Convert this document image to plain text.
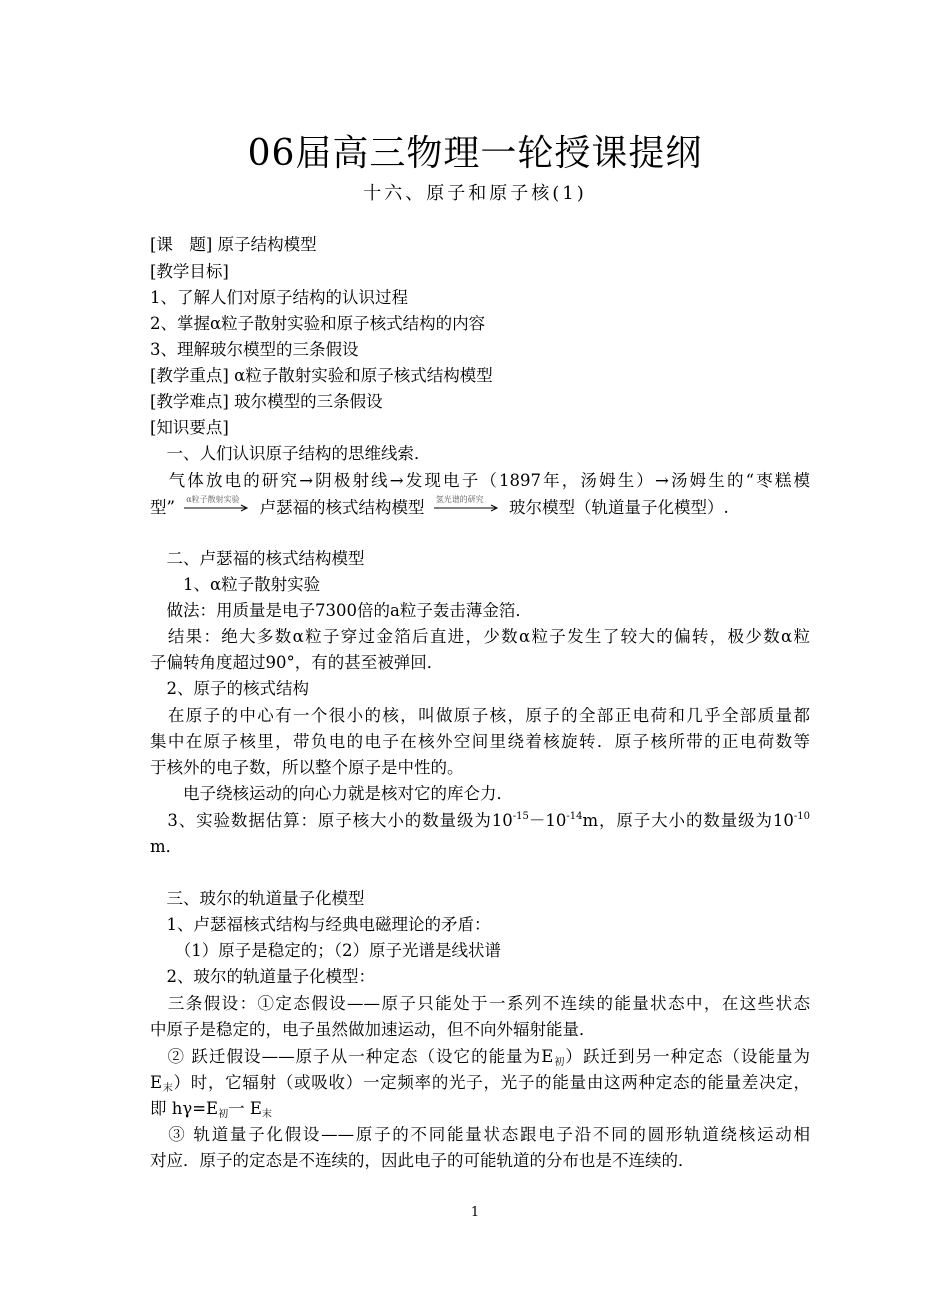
06届高三物理一轮授课提纲
十六、原子和原子核(1)
[课　题] 原子结构模型
[教学目标]
1、了解人们对原子结构的认识过程
2、掌握α粒子散射实验和原子核式结构的内容
3、理解玻尔模型的三条假设
[教学重点] α粒子散射实验和原子核式结构模型
[教学难点] 玻尔模型的三条假设
[知识要点]
　一、人们认识原子结构的思维线索．
　气体放电的研究→阴极射线→发现电子（1897年，汤姆生）→汤姆生的“枣糕模
型” α粒子散射实验 卢瑟福的核式结构模型 氢光谱的研究 玻尔模型（轨道量子化模型）.
　二、卢瑟福的核式结构模型
　　1、α粒子散射实验
　做法：用质量是电子7300倍的a粒子轰击薄金箔．
　结果：绝大多数α粒子穿过金箔后直进，少数α粒子发生了较大的偏转，极少数α粒
子偏转角度超过90°，有的甚至被弹回．
　2、原子的核式结构
　在原子的中心有一个很小的核，叫做原子核，原子的全部正电荷和几乎全部质量都
集中在原子核里，带负电的电子在核外空间里绕着核旋转．原子核所带的正电荷数等
于核外的电子数，所以整个原子是中性的。
　　电子绕核运动的向心力就是核对它的库仑力．
　3、实验数据估算：原子核大小的数量级为$10^{-15}-10^{-14}m$，原子大小的数量级为$10^{-10}$
m．
　三、玻尔的轨道量子化模型
　1、卢瑟福核式结构与经典电磁理论的矛盾：
　　（1）原子是稳定的；（2）原子光谱是线状谱
　2、玻尔的轨道量子化模型：
　三条假设：①定态假设——原子只能处于一系列不连续的能量状态中，在这些状态
中原子是稳定的，电子虽然做加速运动，但不向外辐射能量．
　② 跃迁假设——原子从一种定态（设它的能量为E初）跃迁到另一种定态（设能量为
E末）时，它辐射（或吸收）一定频率的光子，光子的能量由这两种定态的能量差决定，
即 hγ=E初一 E末
　③ 轨道量子化假设——原子的不同能量状态跟电子沿不同的圆形轨道绕核运动相
对应．原子的定态是不连续的，因此电子的可能轨道的分布也是不连续的．
1
